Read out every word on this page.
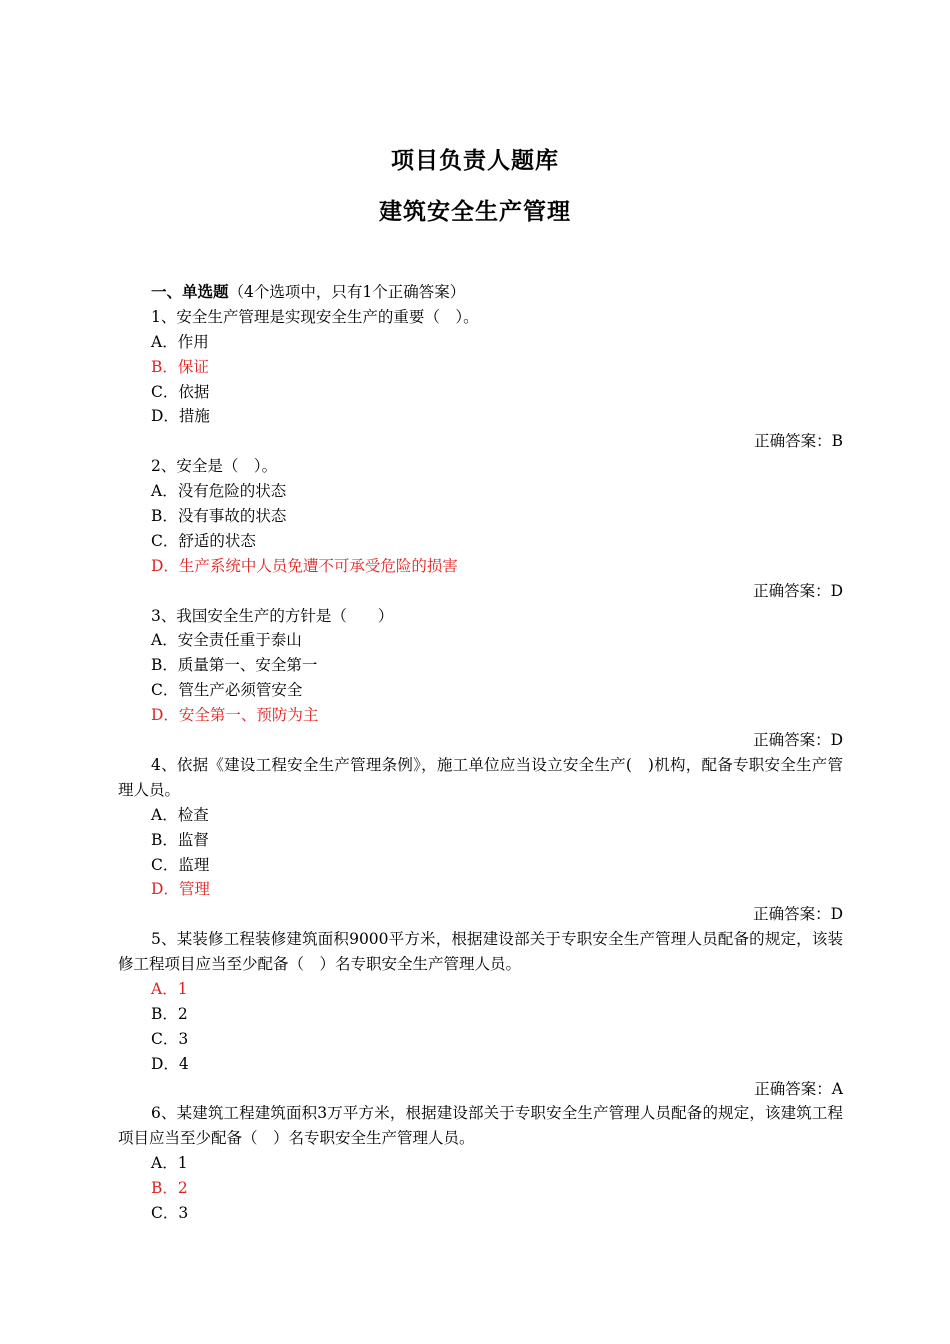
项目负责人题库
建筑安全生产管理
一、单选题（4个选项中，只有1个正确答案）
1、安全生产管理是实现安全生产的重要（　）。
A．作用
B．保证
C．依据
D．措施
正确答案：B
2、安全是（　）。
A．没有危险的状态
B．没有事故的状态
C．舒适的状态
D．生产系统中人员免遭不可承受危险的损害
正确答案：D
3、我国安全生产的方针是（　　）
A．安全责任重于泰山
B．质量第一、安全第一
C．管生产必须管安全
D．安全第一、预防为主
正确答案：D
4、依据《建设工程安全生产管理条例》，施工单位应当设立安全生产(　)机构，配备专职安全生产管理人员。
A．检查
B．监督
C．监理
D．管理
正确答案：D
5、某装修工程装修建筑面积9000平方米，根据建设部关于专职安全生产管理人员配备的规定，该装修工程项目应当至少配备（　）名专职安全生产管理人员。
A．1
B．2
C．3
D．4
正确答案：A
6、某建筑工程建筑面积3万平方米，根据建设部关于专职安全生产管理人员配备的规定，该建筑工程项目应当至少配备（　）名专职安全生产管理人员。
A．1
B．2
C．3
